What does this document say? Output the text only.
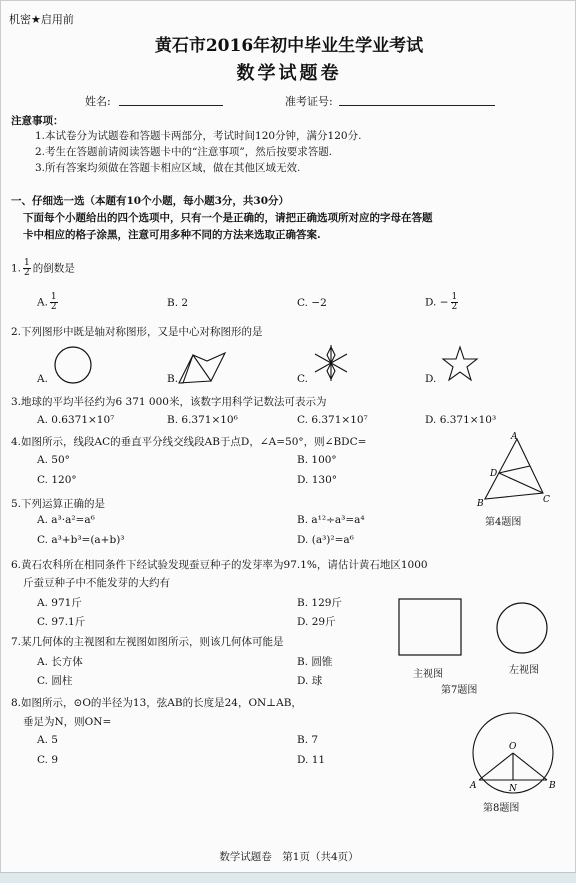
机密★启用前
黄石市2016年初中毕业生学业考试
数学试题卷
姓名:	准考证号:
注意事项：
1.本试卷分为试题卷和答题卡两部分，考试时间120分钟，满分120分.
2.考生在答题前请阅读答题卡中的“注意事项”，然后按要求答题.
3.所有答案均须做在答题卡相应区域，做在其他区域无效.
一、仔细选一选（本题有10个小题，每小题3分，共30分）
下面每个小题给出的四个选项中，只有一个是正确的，请把正确选项所对应的字母在答题
卡中相应的格子涂黑，注意可用多种不同的方法来选取正确答案.
1. $\frac{1}{2}$ 的倒数是
A. $\frac{1}{2}$	B. 2	C. −2	D. − $\frac{1}{2}$
2.下列图形中既是轴对称图形，又是中心对称图形的是
A.	B.	C.	D.
3.地球的平均半径约为6 371 000米，该数字用科学记数法可表示为
A. 0.6371×10⁷	B. 6.371×10⁶	C. 6.371×10⁷	D. 6.371×10³
4.如图所示，线段AC的垂直平分线交线段AB于点D，∠A=50°，则∠BDC=
A. 50°	B. 100°
C. 120°	D. 130°
A
B	C
D
第4题图
5.下列运算正确的是
A. a³·a²=a⁶	B. a¹²÷a³=a⁴
C. a³+b³=(a+b)³	D. (a³)²=a⁶
6.黄石农科所在相同条件下经试验发现蚕豆种子的发芽率为97.1%，请估计黄石地区1000
斤蚕豆种子中不能发芽的大约有
A. 971斤	B. 129斤
C. 97.1斤	D. 29斤
主视图	左视图
第7题图
7.某几何体的主视图和左视图如图所示，则该几何体可能是
A. 长方体	B. 圆锥
C. 圆柱	D. 球
8.如图所示，⊙O的半径为13，弦AB的长度是24，ON⊥AB，
垂足为N，则ON=
A. 5	B. 7
C. 9	D. 11
O
A	B
N
第8题图
数学试题卷　第1页（共4页）
